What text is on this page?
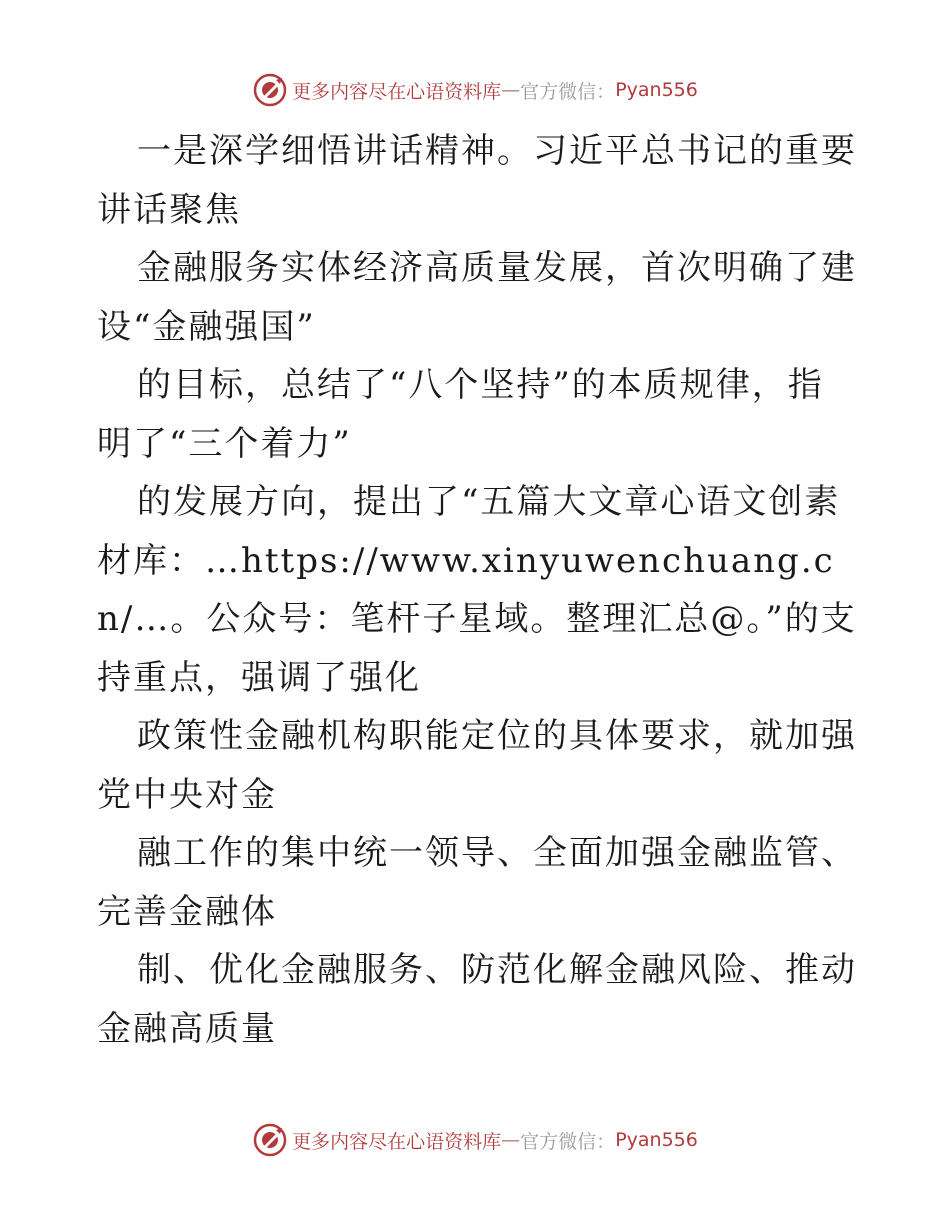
更多内容尽在心语资料库 — 官方微信： Pyan556

一是深学细悟讲话精神。习近平总书记的重要讲话聚焦

金融服务实体经济高质量发展，首次明确了建设“金融强国”

的目标，总结了“八个坚持”的本质规律，指明了“三个着力”

的发展方向，提出了“五篇大文章心语文创素材库：…https://www.xinyuwenchuang.cn/…。公众号：笔杆子星域。整理汇总@。”的支持重点，强调了强化

政策性金融机构职能定位的具体要求，就加强党中央对金

融工作的集中统一领导、全面加强金融监管、完善金融体

制、优化金融服务、防范化解金融风险、推动金融高质量

更多内容尽在心语资料库 — 官方微信： Pyan556
